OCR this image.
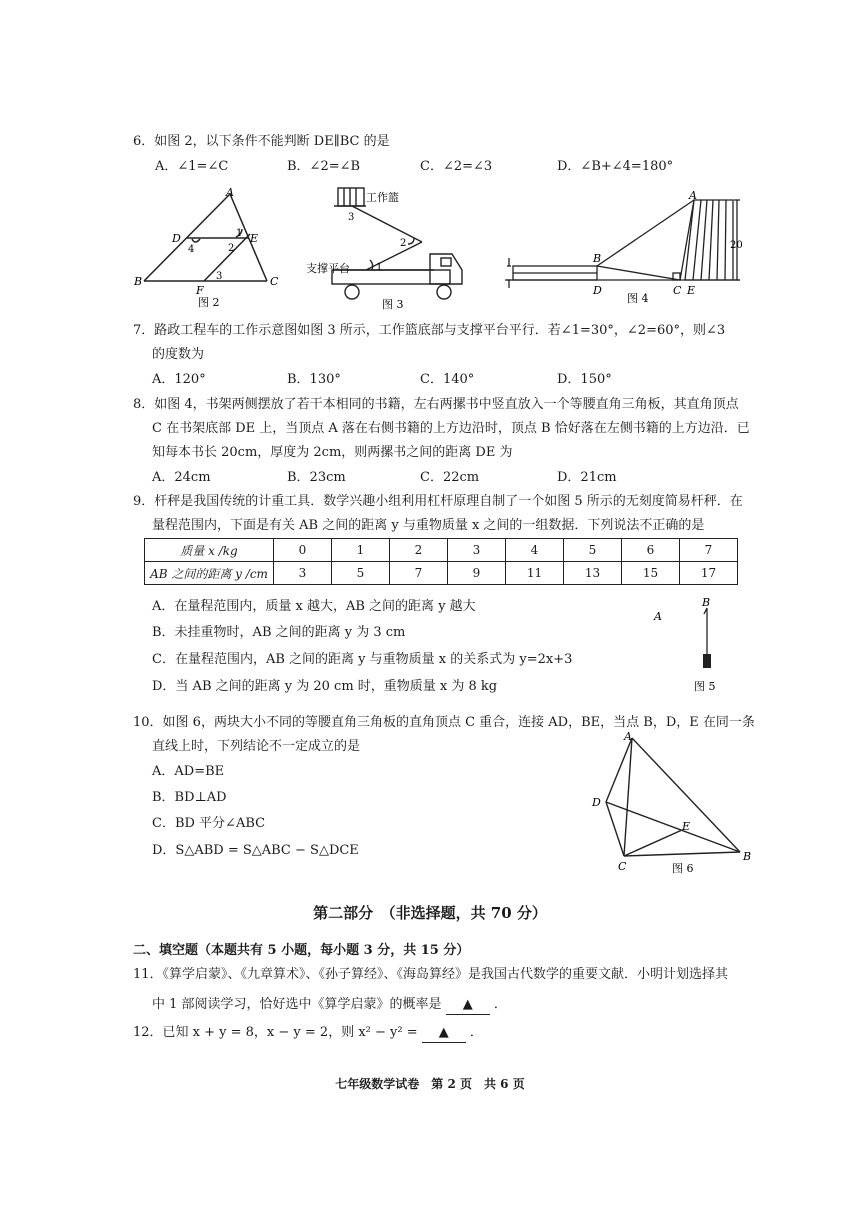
6．如图 2，以下条件不能判断 DE∥BC 的是
A．∠1=∠C	B．∠2=∠B	C．∠2=∠3	D．∠B+∠4=180°
A
D	E
B
F
C
1
2
3
4
图 2
工作篮
支撑平台	1
2
3
图 3
A
B
D	C E
20
图 4
7．路政工程车的工作示意图如图 3 所示，工作篮底部与支撑平台平行．若∠1=30°，∠2=60°，则∠3
的度数为
A．120°	B．130°	C．140°	D．150°
8．如图 4，书架两侧摆放了若干本相同的书籍，左右两摞书中竖直放入一个等腰直角三角板，其直角顶点
C 在书架底部 DE 上，当顶点 A 落在右侧书籍的上方边沿时，顶点 B 恰好落在左侧书籍的上方边沿．已
知每本书长 20cm，厚度为 2cm，则两摞书之间的距离 DE 为
A．24cm	B．23cm	C．22cm	D．21cm
9．杆秤是我国传统的计重工具．数学兴趣小组利用杠杆原理自制了一个如图 5 所示的无刻度简易杆秤．在
量程范围内，下面是有关 AB 之间的距离 y 与重物质量 x 之间的一组数据．下列说法不正确的是
质量 x /kg	0	1	2	3	4	5	6	7
AB 之间的距离 y /cm	3	5	7	9	11	13	15	17
A．在量程范围内，质量 x 越大，AB 之间的距离 y 越大
B．未挂重物时，AB 之间的距离 y 为 3 cm
C．在量程范围内，AB 之间的距离 y 与重物质量 x 的关系式为 y=2x+3
D．当 AB 之间的距离 y 为 20 cm 时，重物质量 x 为 8 kg
A
B
图 5
10．如图 6，两块大小不同的等腰直角三角板的直角顶点 C 重合，连接 AD，BE，当点 B，D，E 在同一条
直线上时，下列结论不一定成立的是
A．AD=BE
B．BD⊥AD
C．BD 平分∠ABC
D．S△ABD = S△ABC − S△DCE
A
D
E
C
B
图 6
第二部分　（非选择题，共 70 分）
二、填空题（本题共有 5 小题，每小题 3 分，共 15 分）
11．《算学启蒙》、《九章算术》、《孙子算经》、《海岛算经》是我国古代数学的重要文献．小明计划选择其
中 1 部阅读学习，恰好选中《算学启蒙》的概率是 ▲ ．
12．已知 x + y = 8，x − y = 2，则 x² − y² = ▲ ．
七年级数学试卷　第 2 页　共 6 页
